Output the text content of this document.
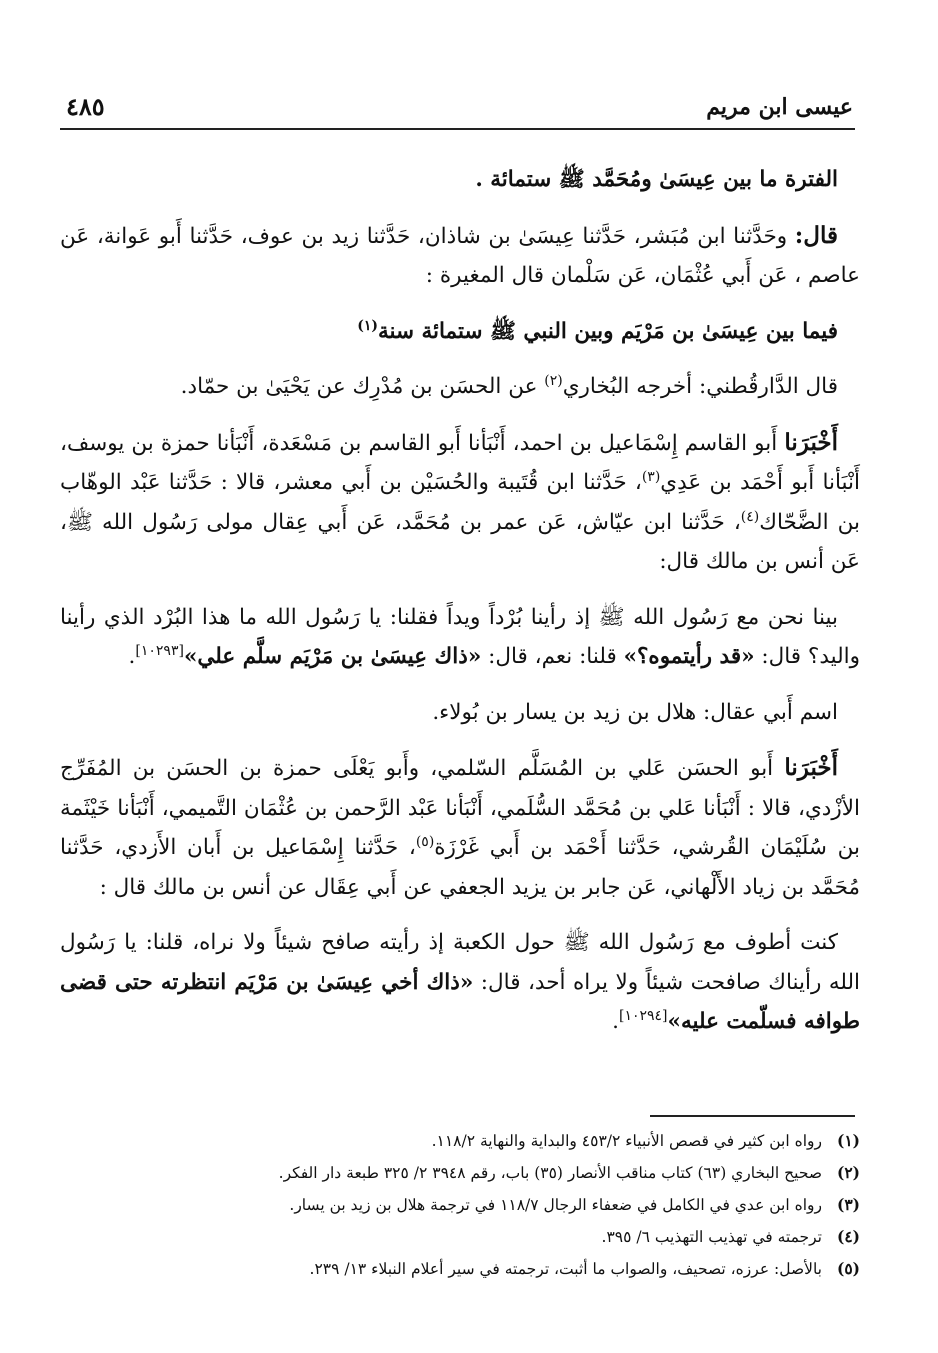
٤٨٥	عيسى ابن مريم

الفترة ما بين عِيسَىٰ ومُحَمَّد ﷺ ستمائة .

قال: وحَدَّثنا ابن مُبَشر، حَدَّثنا عِيسَىٰ بن شاذان، حَدَّثنا زيد بن عوف، حَدَّثنا أَبو عَوانة، عَن عاصم ، عَن أَبي عُثْمَان، عَن سَلْمان قال المغيرة :

فيما بين عِيسَىٰ بن مَرْيَم وبين النبي ﷺ ستمائة سنة$^{(١)}$

قال الدَّارقُطني: أخرجه البُخاري$^{(٢)}$ عن الحسَن بن مُدْرِك عن يَحْيَىٰ بن حمّاد.

أَخْبَرَنا أَبو القاسم إِسْمَاعيل بن احمد، أَنْبَأنا أَبو القاسم بن مَسْعَدة، أَنْبَأنا حمزة بن يوسف، أَنْبَأنا أَبو أَحْمَد بن عَدِي$^{(٣)}$، حَدَّثنا ابن قُتَيبة والحُسَيْن بن أَبي معشر، قالا : حَدَّثنا عَبْد الوهّاب بن الضَّحّاك$^{(٤)}$، حَدَّثنا ابن عيّاش، عَن عمر بن مُحَمَّد، عَن أَبي عِقال مولى رَسُول الله ﷺ، عَن أنس بن مالك قال:

بينا نحن مع رَسُول الله ﷺ إذ رأينا بُرْداً ويداً فقلنا: يا رَسُول الله ما هذا البُرْد الذي رأينا واليد؟ قال: «قد رأيتموه؟» قلنا: نعم، قال: «ذاك عِيسَىٰ بن مَرْيَم سلَّم علي»[١٠٢٩٣].

اسم أَبي عقال: هلال بن زيد بن يسار بن بُولاء.

أَخْبَرَنا أَبو الحسَن عَلي بن المُسَلَّم السّلمي، وأَبو يَعْلَى حمزة بن الحسَن بن المُفَرِّج الأزْدي، قالا : أَنْبَأنا عَلي بن مُحَمَّد السُّلَمي، أَنْبَأنا عَبْد الرَّحمن بن عُثْمَان التَّميمي، أَنْبَأنا خَيْثَمة بن سُلَيْمَان القُرشي، حَدَّثنا أَحْمَد بن أَبي غَرْزَة$^{(٥)}$، حَدَّثنا إِسْمَاعيل بن أَبان الأَزدي، حَدَّثنا مُحَمَّد بن زياد الأَلْهاني، عَن جابر بن يزيد الجعفي عن أَبي عِقَال عن أنس بن مالك قال :

كنت أطوف مع رَسُول الله ﷺ حول الكعبة إذ رأيته صافح شيئاً ولا نراه، قلنا: يا رَسُول الله رأيناك صافحت شيئاً ولا يراه أحد، قال: «ذاك أخي عِيسَىٰ بن مَرْيَم انتظرته حتى قضى طوافه فسلّمت عليه»[١٠٢٩٤].

(١)رواه ابن كثير في قصص الأنبياء ٤٥٣/٢ والبداية والنهاية ١١٨/٢.
(٢)صحيح البخاري (٦٣) كتاب مناقب الأنصار (٣٥) باب، رقم ٣٩٤٨ ٢/ ٣٢٥ طبعة دار الفكر.
(٣)رواه ابن عدي في الكامل في ضعفاء الرجال ١١٨/٧ في ترجمة هلال بن زيد بن يسار.
(٤)ترجمته في تهذيب التهذيب ٦/ ٣٩٥.
(٥)بالأصل: عرزه، تصحيف، والصواب ما أثبت، ترجمته في سير أعلام النبلاء ١٣/ ٢٣٩.
